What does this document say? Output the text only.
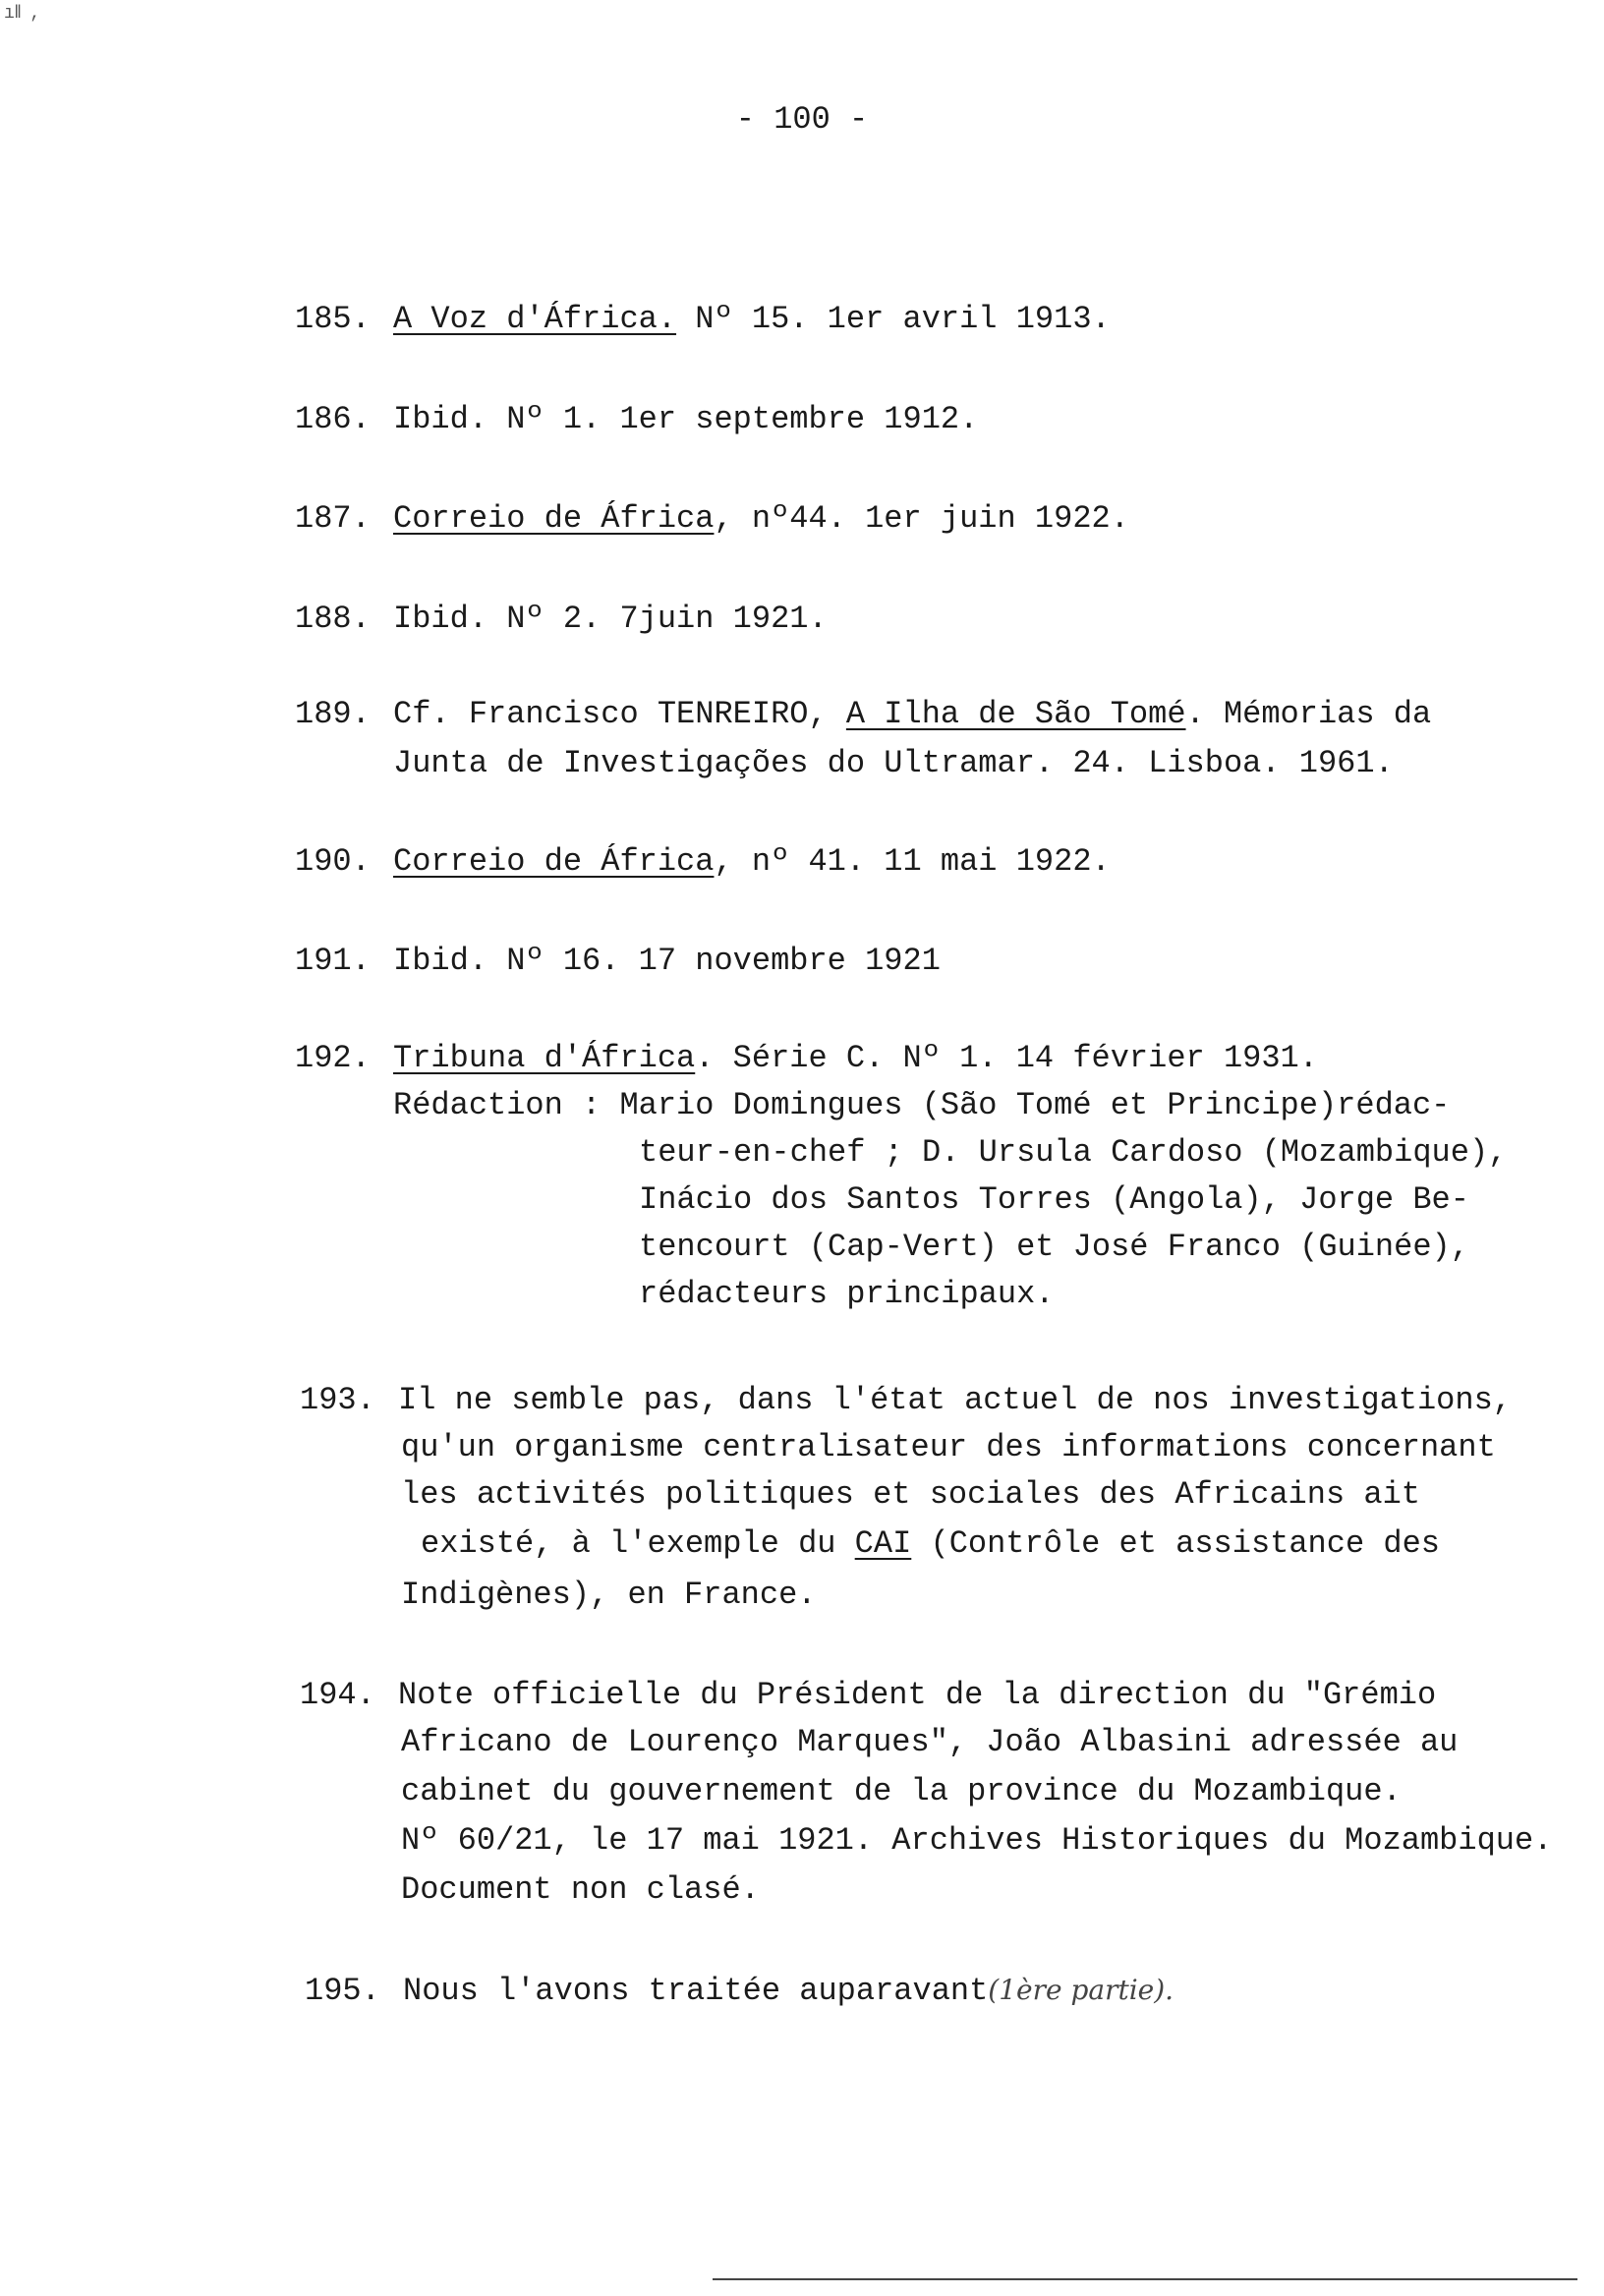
ıǁ ,
- 100 -
185. A Voz d'África. Nº 15. 1er avril 1913.
186. Ibid. Nº 1. 1er septembre 1912.
187. Correio de África, nº44. 1er juin 1922.
188. Ibid. Nº 2. 7juin 1921.
189. Cf. Francisco TENREIRO, A Ilha de São Tomé. Mémorias da
Junta de Investigações do Ultramar. 24. Lisboa. 1961.
190. Correio de África, nº 41. 11 mai 1922.
191. Ibid. Nº 16. 17 novembre 1921
192. Tribuna d'África. Série C. Nº 1. 14 février 1931.
Rédaction : Mario Domingues (São Tomé et Principe)rédac-
teur-en-chef ; D. Ursula Cardoso (Mozambique),
Inácio dos Santos Torres (Angola), Jorge Be-
tencourt (Cap-Vert) et José Franco (Guinée),
rédacteurs principaux.
193. Il ne semble pas, dans l'état actuel de nos investigations,
qu'un organisme centralisateur des informations concernant
les activités politiques et sociales des Africains ait
existé, à l'exemple du CAI (Contrôle et assistance des
Indigènes), en France.
194. Note officielle du Président de la direction du "Grémio
Africano de Lourenço Marques", João Albasini adressée au
cabinet du gouvernement de la province du Mozambique.
Nº 60/21, le 17 mai 1921. Archives Historiques du Mozambique.
Document non clasé.
195. Nous l'avons traitée auparavant(1ère partie).
